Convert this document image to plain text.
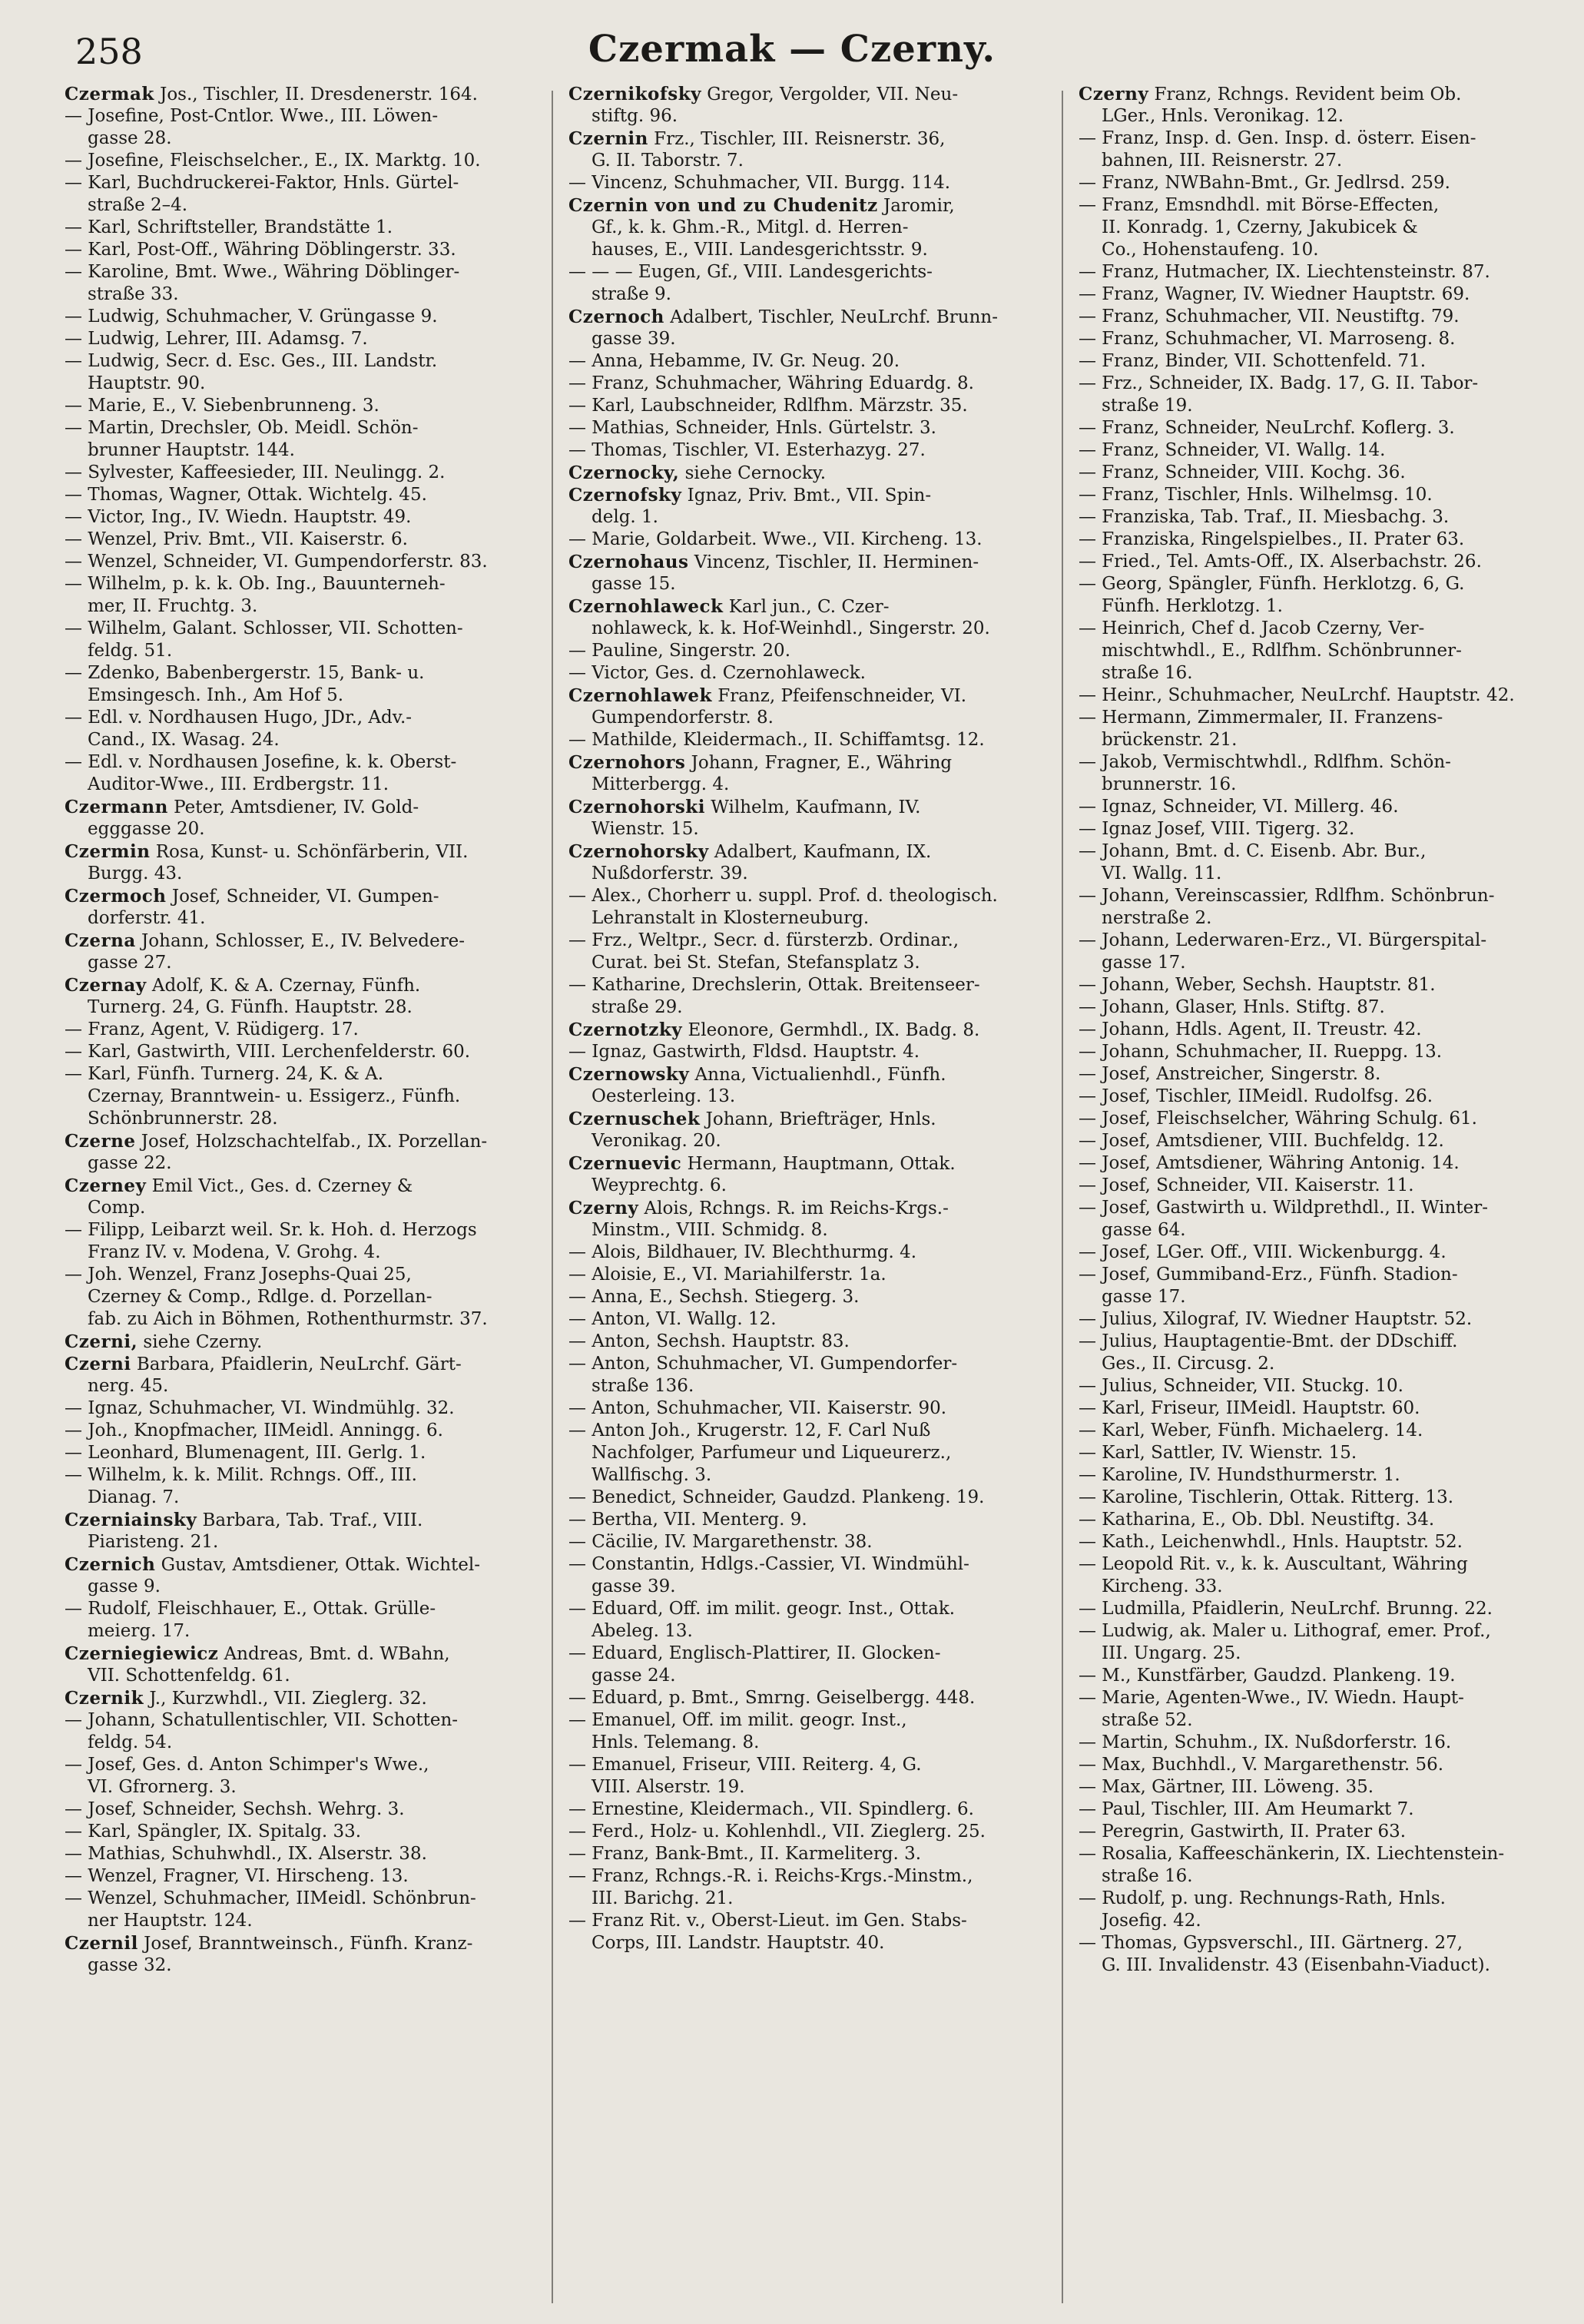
258	Czermak — Czerny.
Czermak Jos., Tischler, II. Dresdenerstr. 164.
— Josefine, Post-Cntlor. Wwe., III. Löwen-
gasse 28.
— Josefine, Fleischselcher., E., IX. Marktg. 10.
— Karl, Buchdruckerei-Faktor, Hnls. Gürtel-
straße 2–4.
— Karl, Schriftsteller, Brandstätte 1.
— Karl, Post-Off., Währing Döblingerstr. 33.
— Karoline, Bmt. Wwe., Währing Döblinger-
straße 33.
— Ludwig, Schuhmacher, V. Grüngasse 9.
— Ludwig, Lehrer, III. Adamsg. 7.
— Ludwig, Secr. d. Esc. Ges., III. Landstr.
Hauptstr. 90.
— Marie, E., V. Siebenbrunneng. 3.
— Martin, Drechsler, Ob. Meidl. Schön-
brunner Hauptstr. 144.
— Sylvester, Kaffeesieder, III. Neulingg. 2.
— Thomas, Wagner, Ottak. Wichtelg. 45.
— Victor, Ing., IV. Wiedn. Hauptstr. 49.
— Wenzel, Priv. Bmt., VII. Kaiserstr. 6.
— Wenzel, Schneider, VI. Gumpendorferstr. 83.
— Wilhelm, p. k. k. Ob. Ing., Bauunterneh-
mer, II. Fruchtg. 3.
— Wilhelm, Galant. Schlosser, VII. Schotten-
feldg. 51.
— Zdenko, Babenbergerstr. 15, Bank- u.
Emsingesch. Inh., Am Hof 5.
— Edl. v. Nordhausen Hugo, JDr., Adv.-
Cand., IX. Wasag. 24.
— Edl. v. Nordhausen Josefine, k. k. Oberst-
Auditor-Wwe., III. Erdbergstr. 11.
Czermann Peter, Amtsdiener, IV. Gold-
egggasse 20.
Czermin Rosa, Kunst- u. Schönfärberin, VII.
Burgg. 43.
Czermoch Josef, Schneider, VI. Gumpen-
dorferstr. 41.
Czerna Johann, Schlosser, E., IV. Belvedere-
gasse 27.
Czernay Adolf, K. & A. Czernay, Fünfh.
Turnerg. 24, G. Fünfh. Hauptstr. 28.
— Franz, Agent, V. Rüdigerg. 17.
— Karl, Gastwirth, VIII. Lerchenfelderstr. 60.
— Karl, Fünfh. Turnerg. 24, K. & A.
Czernay, Branntwein- u. Essigerz., Fünfh.
Schönbrunnerstr. 28.
Czerne Josef, Holzschachtelfab., IX. Porzellan-
gasse 22.
Czerney Emil Vict., Ges. d. Czerney &
Comp.
— Filipp, Leibarzt weil. Sr. k. Hoh. d. Herzogs
Franz IV. v. Modena, V. Grohg. 4.
— Joh. Wenzel, Franz Josephs-Quai 25,
Czerney & Comp., Rdlge. d. Porzellan-
fab. zu Aich in Böhmen, Rothenthurmstr. 37.
Czerni, siehe Czerny.
Czerni Barbara, Pfaidlerin, NeuLrchf. Gärt-
nerg. 45.
— Ignaz, Schuhmacher, VI. Windmühlg. 32.
— Joh., Knopfmacher, IIMeidl. Anningg. 6.
— Leonhard, Blumenagent, III. Gerlg. 1.
— Wilhelm, k. k. Milit. Rchngs. Off., III.
Dianag. 7.
Czerniainsky Barbara, Tab. Traf., VIII.
Piaristeng. 21.
Czernich Gustav, Amtsdiener, Ottak. Wichtel-
gasse 9.
— Rudolf, Fleischhauer, E., Ottak. Grülle-
meierg. 17.
Czerniegiewicz Andreas, Bmt. d. WBahn,
VII. Schottenfeldg. 61.
Czernik J., Kurzwhdl., VII. Zieglerg. 32.
— Johann, Schatullentischler, VII. Schotten-
feldg. 54.
— Josef, Ges. d. Anton Schimper's Wwe.,
VI. Gfrornerg. 3.
— Josef, Schneider, Sechsh. Wehrg. 3.
— Karl, Spängler, IX. Spitalg. 33.
— Mathias, Schuhwhdl., IX. Alserstr. 38.
— Wenzel, Fragner, VI. Hirscheng. 13.
— Wenzel, Schuhmacher, IIMeidl. Schönbrun-
ner Hauptstr. 124.
Czernil Josef, Branntweinsch., Fünfh. Kranz-
gasse 32.
Czernikofsky Gregor, Vergolder, VII. Neu-
stiftg. 96.
Czernin Frz., Tischler, III. Reisnerstr. 36,
G. II. Taborstr. 7.
— Vincenz, Schuhmacher, VII. Burgg. 114.
Czernin von und zu Chudenitz Jaromir,
Gf., k. k. Ghm.-R., Mitgl. d. Herren-
hauses, E., VIII. Landesgerichtsstr. 9.
— — — Eugen, Gf., VIII. Landesgerichts-
straße 9.
Czernoch Adalbert, Tischler, NeuLrchf. Brunn-
gasse 39.
— Anna, Hebamme, IV. Gr. Neug. 20.
— Franz, Schuhmacher, Währing Eduardg. 8.
— Karl, Laubschneider, Rdlfhm. Märzstr. 35.
— Mathias, Schneider, Hnls. Gürtelstr. 3.
— Thomas, Tischler, VI. Esterhazyg. 27.
Czernocky, siehe Cernocky.
Czernofsky Ignaz, Priv. Bmt., VII. Spin-
delg. 1.
— Marie, Goldarbeit. Wwe., VII. Kircheng. 13.
Czernohaus Vincenz, Tischler, II. Herminen-
gasse 15.
Czernohlaweck Karl jun., C. Czer-
nohlaweck, k. k. Hof-Weinhdl., Singerstr. 20.
— Pauline, Singerstr. 20.
— Victor, Ges. d. Czernohlaweck.
Czernohlawek Franz, Pfeifenschneider, VI.
Gumpendorferstr. 8.
— Mathilde, Kleidermach., II. Schiffamtsg. 12.
Czernohors Johann, Fragner, E., Währing
Mitterbergg. 4.
Czernohorski Wilhelm, Kaufmann, IV.
Wienstr. 15.
Czernohorsky Adalbert, Kaufmann, IX.
Nußdorferstr. 39.
— Alex., Chorherr u. suppl. Prof. d. theologisch.
Lehranstalt in Klosterneuburg.
— Frz., Weltpr., Secr. d. fürsterzb. Ordinar.,
Curat. bei St. Stefan, Stefansplatz 3.
— Katharine, Drechslerin, Ottak. Breitenseer-
straße 29.
Czernotzky Eleonore, Germhdl., IX. Badg. 8.
— Ignaz, Gastwirth, Fldsd. Hauptstr. 4.
Czernowsky Anna, Victualienhdl., Fünfh.
Oesterleing. 13.
Czernuschek Johann, Briefträger, Hnls.
Veronikag. 20.
Czernuevic Hermann, Hauptmann, Ottak.
Weyprechtg. 6.
Czerny Alois, Rchngs. R. im Reichs-Krgs.-
Minstm., VIII. Schmidg. 8.
— Alois, Bildhauer, IV. Blechthurmg. 4.
— Aloisie, E., VI. Mariahilferstr. 1a.
— Anna, E., Sechsh. Stiegerg. 3.
— Anton, VI. Wallg. 12.
— Anton, Sechsh. Hauptstr. 83.
— Anton, Schuhmacher, VI. Gumpendorfer-
straße 136.
— Anton, Schuhmacher, VII. Kaiserstr. 90.
— Anton Joh., Krugerstr. 12, F. Carl Nuß
Nachfolger, Parfumeur und Liqueurerz.,
Wallfischg. 3.
— Benedict, Schneider, Gaudzd. Plankeng. 19.
— Bertha, VII. Menterg. 9.
— Cäcilie, IV. Margarethenstr. 38.
— Constantin, Hdlgs.-Cassier, VI. Windmühl-
gasse 39.
— Eduard, Off. im milit. geogr. Inst., Ottak.
Abeleg. 13.
— Eduard, Englisch-Plattirer, II. Glocken-
gasse 24.
— Eduard, p. Bmt., Smrng. Geiselbergg. 448.
— Emanuel, Off. im milit. geogr. Inst.,
Hnls. Telemang. 8.
— Emanuel, Friseur, VIII. Reiterg. 4, G.
VIII. Alserstr. 19.
— Ernestine, Kleidermach., VII. Spindlerg. 6.
— Ferd., Holz- u. Kohlenhdl., VII. Zieglerg. 25.
— Franz, Bank-Bmt., II. Karmeliterg. 3.
— Franz, Rchngs.-R. i. Reichs-Krgs.-Minstm.,
III. Barichg. 21.
— Franz Rit. v., Oberst-Lieut. im Gen. Stabs-
Corps, III. Landstr. Hauptstr. 40.
Czerny Franz, Rchngs. Revident beim Ob.
LGer., Hnls. Veronikag. 12.
— Franz, Insp. d. Gen. Insp. d. österr. Eisen-
bahnen, III. Reisnerstr. 27.
— Franz, NWBahn-Bmt., Gr. Jedlrsd. 259.
— Franz, Emsndhdl. mit Börse-Effecten,
II. Konradg. 1, Czerny, Jakubicek &
Co., Hohenstaufeng. 10.
— Franz, Hutmacher, IX. Liechtensteinstr. 87.
— Franz, Wagner, IV. Wiedner Hauptstr. 69.
— Franz, Schuhmacher, VII. Neustiftg. 79.
— Franz, Schuhmacher, VI. Marroseng. 8.
— Franz, Binder, VII. Schottenfeld. 71.
— Frz., Schneider, IX. Badg. 17, G. II. Tabor-
straße 19.
— Franz, Schneider, NeuLrchf. Koflerg. 3.
— Franz, Schneider, VI. Wallg. 14.
— Franz, Schneider, VIII. Kochg. 36.
— Franz, Tischler, Hnls. Wilhelmsg. 10.
— Franziska, Tab. Traf., II. Miesbachg. 3.
— Franziska, Ringelspielbes., II. Prater 63.
— Fried., Tel. Amts-Off., IX. Alserbachstr. 26.
— Georg, Spängler, Fünfh. Herklotzg. 6, G.
Fünfh. Herklotzg. 1.
— Heinrich, Chef d. Jacob Czerny, Ver-
mischtwhdl., E., Rdlfhm. Schönbrunner-
straße 16.
— Heinr., Schuhmacher, NeuLrchf. Hauptstr. 42.
— Hermann, Zimmermaler, II. Franzens-
brückenstr. 21.
— Jakob, Vermischtwhdl., Rdlfhm. Schön-
brunnerstr. 16.
— Ignaz, Schneider, VI. Millerg. 46.
— Ignaz Josef, VIII. Tigerg. 32.
— Johann, Bmt. d. C. Eisenb. Abr. Bur.,
VI. Wallg. 11.
— Johann, Vereinscassier, Rdlfhm. Schönbrun-
nerstraße 2.
— Johann, Lederwaren-Erz., VI. Bürgerspital-
gasse 17.
— Johann, Weber, Sechsh. Hauptstr. 81.
— Johann, Glaser, Hnls. Stiftg. 87.
— Johann, Hdls. Agent, II. Treustr. 42.
— Johann, Schuhmacher, II. Rueppg. 13.
— Josef, Anstreicher, Singerstr. 8.
— Josef, Tischler, IIMeidl. Rudolfsg. 26.
— Josef, Fleischselcher, Währing Schulg. 61.
— Josef, Amtsdiener, VIII. Buchfeldg. 12.
— Josef, Amtsdiener, Währing Antonig. 14.
— Josef, Schneider, VII. Kaiserstr. 11.
— Josef, Gastwirth u. Wildprethdl., II. Winter-
gasse 64.
— Josef, LGer. Off., VIII. Wickenburgg. 4.
— Josef, Gummiband-Erz., Fünfh. Stadion-
gasse 17.
— Julius, Xilograf, IV. Wiedner Hauptstr. 52.
— Julius, Hauptagentie-Bmt. der DDschiff.
Ges., II. Circusg. 2.
— Julius, Schneider, VII. Stuckg. 10.
— Karl, Friseur, IIMeidl. Hauptstr. 60.
— Karl, Weber, Fünfh. Michaelerg. 14.
— Karl, Sattler, IV. Wienstr. 15.
— Karoline, IV. Hundsthurmerstr. 1.
— Karoline, Tischlerin, Ottak. Ritterg. 13.
— Katharina, E., Ob. Dbl. Neustiftg. 34.
— Kath., Leichenwhdl., Hnls. Hauptstr. 52.
— Leopold Rit. v., k. k. Auscultant, Währing
Kircheng. 33.
— Ludmilla, Pfaidlerin, NeuLrchf. Brunng. 22.
— Ludwig, ak. Maler u. Lithograf, emer. Prof.,
III. Ungarg. 25.
— M., Kunstfärber, Gaudzd. Plankeng. 19.
— Marie, Agenten-Wwe., IV. Wiedn. Haupt-
straße 52.
— Martin, Schuhm., IX. Nußdorferstr. 16.
— Max, Buchhdl., V. Margarethenstr. 56.
— Max, Gärtner, III. Löweng. 35.
— Paul, Tischler, III. Am Heumarkt 7.
— Peregrin, Gastwirth, II. Prater 63.
— Rosalia, Kaffeeschänkerin, IX. Liechtenstein-
straße 16.
— Rudolf, p. ung. Rechnungs-Rath, Hnls.
Josefig. 42.
— Thomas, Gypsverschl., III. Gärtnerg. 27,
G. III. Invalidenstr. 43 (Eisenbahn-Viaduct).
